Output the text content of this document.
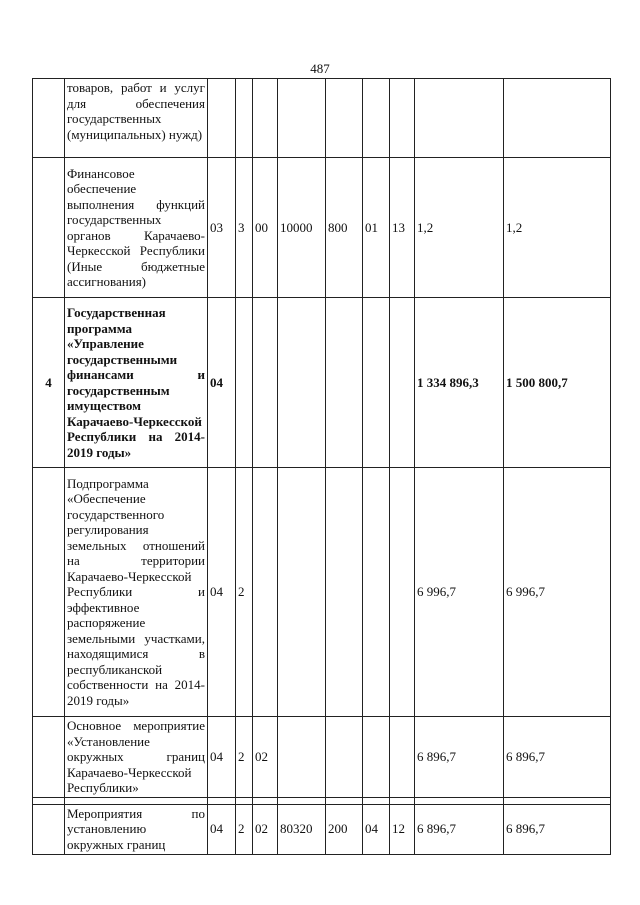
487
	товаров, работ и услуг для обеспечения государственных (муниципальных) нужд)									
	Финансовое обеспечение выполнения функций государственных органов Карачаево-Черкесской Республики (Иные бюджетные ассигнования)	03	3	00	10000	800	01	13	1,2	1,2
4	Государственная программа «Управление государственными финансами и государственным имуществом Карачаево-Черкесской Республики на 2014-2019 годы»	04							1 334 896,3	1 500 800,7
	Подпрограмма «Обеспечение государственного регулирования земельных отношений на территории Карачаево-Черкесской Республики и эффективное распоряжение земельными участками, находящимися в республиканской собственности на 2014-2019 годы»	04	2						6 996,7	6 996,7
	Основное мероприятие «Установление окружных границ Карачаево-Черкесской Республики»	04	2	02					6 896,7	6 896,7

	Мероприятия по установлению окружных границ	04	2	02	80320	200	04	12	6 896,7	6 896,7
